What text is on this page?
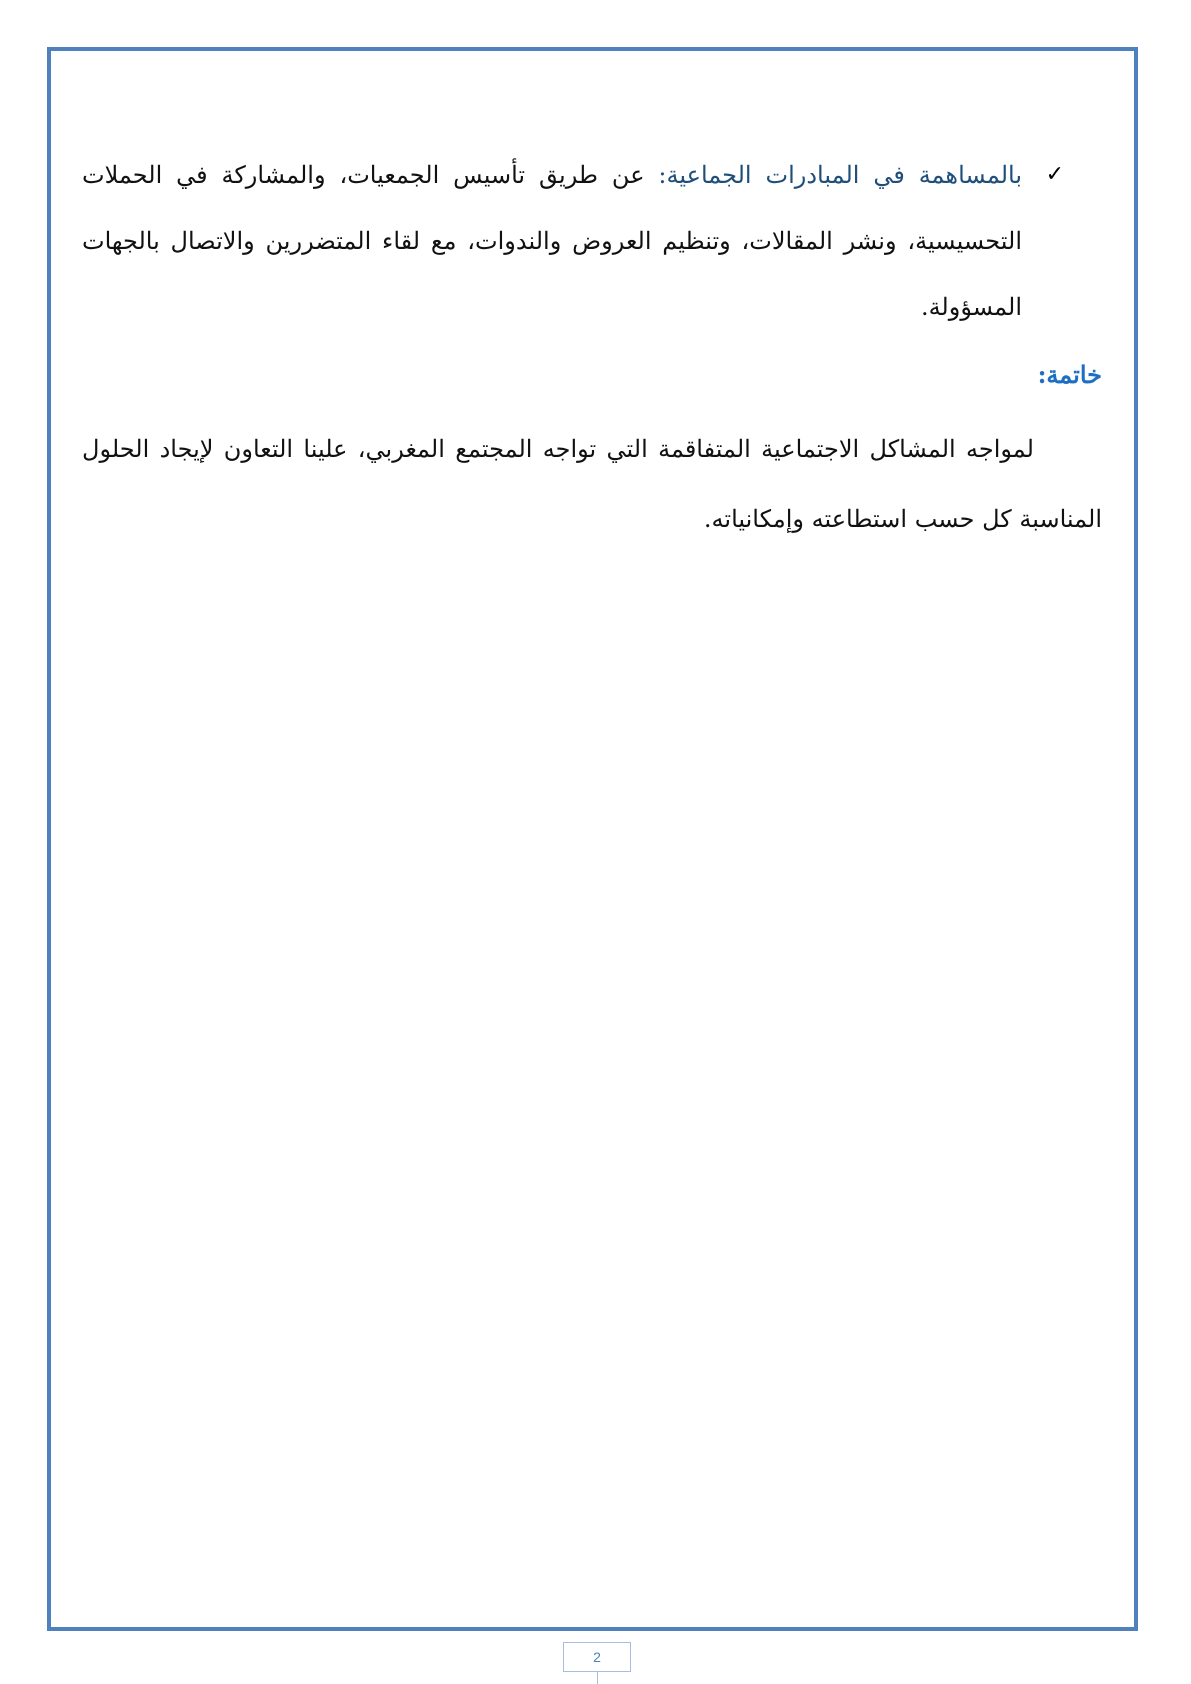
✓
بالمساهمة في المبادرات الجماعية: عن طريق تأسيس الجمعيات، والمشاركة في الحملات التحسيسية، ونشر المقالات، وتنظيم العروض والندوات، مع لقاء المتضررين والاتصال بالجهات المسؤولة.
خاتمة:
لمواجه المشاكل الاجتماعية المتفاقمة التي تواجه المجتمع المغربي، علينا التعاون لإيجاد الحلول المناسبة كل حسب استطاعته وإمكانياته.
2
